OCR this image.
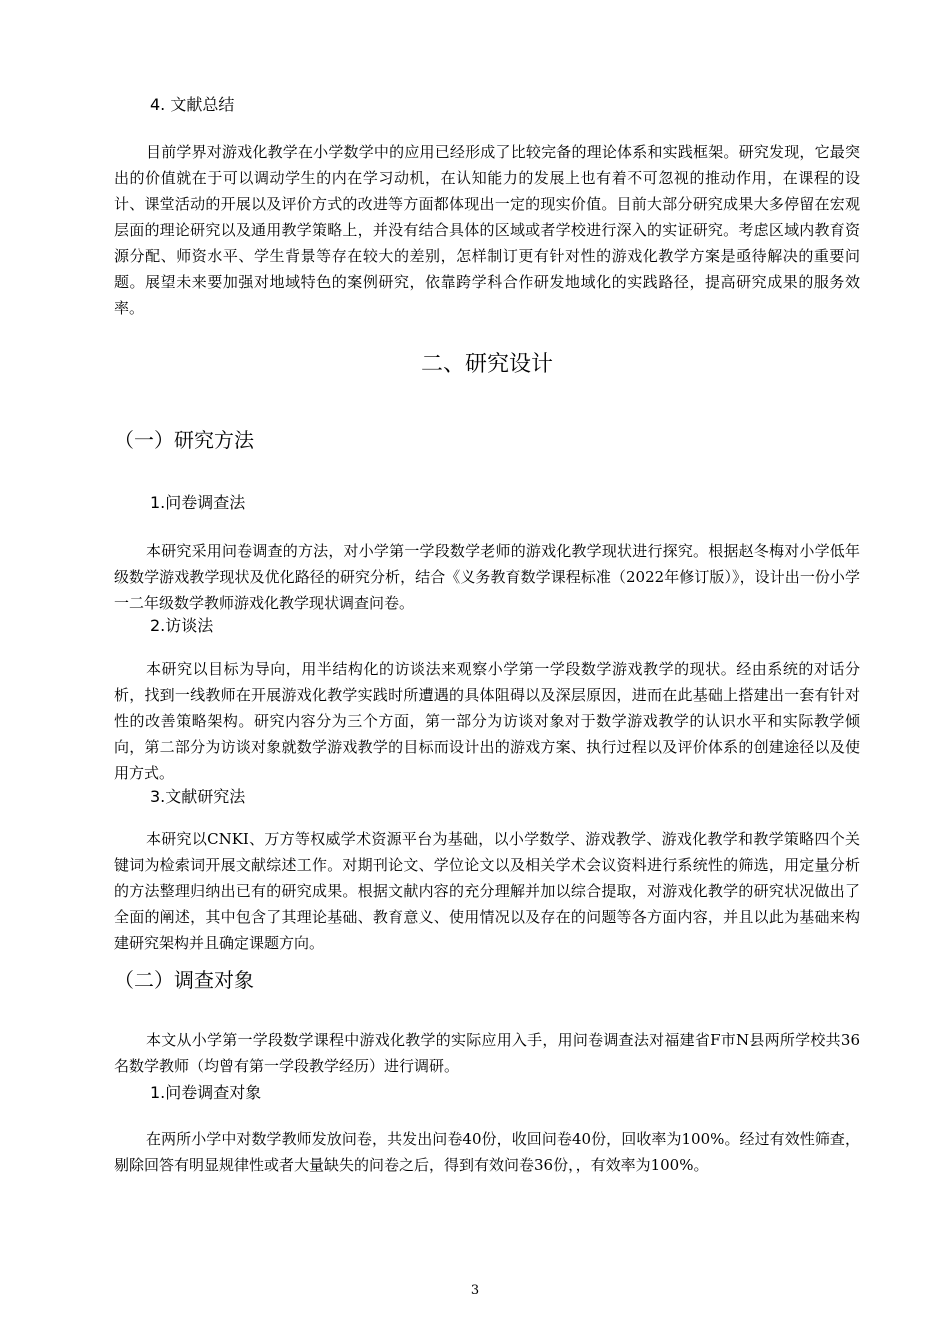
4. 文献总结

目前学界对游戏化教学在小学数学中的应用已经形成了比较完备的理论体系和实践框架。研究发现，它最突出的价值就在于可以调动学生的内在学习动机，在认知能力的发展上也有着不可忽视的推动作用，在课程的设计、课堂活动的开展以及评价方式的改进等方面都体现出一定的现实价值。目前大部分研究成果大多停留在宏观层面的理论研究以及通用教学策略上，并没有结合具体的区域或者学校进行深入的实证研究。考虑区域内教育资源分配、师资水平、学生背景等存在较大的差别，怎样制订更有针对性的游戏化教学方案是亟待解决的重要问题。展望未来要加强对地域特色的案例研究，依靠跨学科合作研发地域化的实践路径，提高研究成果的服务效率。

二、研究设计
（一）研究方法
1.问卷调查法

本研究采用问卷调查的方法，对小学第一学段数学老师的游戏化教学现状进行探究。根据赵冬梅对小学低年级数学游戏教学现状及优化路径的研究分析，结合《义务教育数学课程标准（2022年修订版）》，设计出一份小学一二年级数学教师游戏化教学现状调查问卷。

2.访谈法

本研究以目标为导向，用半结构化的访谈法来观察小学第一学段数学游戏教学的现状。经由系统的对话分析，找到一线教师在开展游戏化教学实践时所遭遇的具体阻碍以及深层原因，进而在此基础上搭建出一套有针对性的改善策略架构。研究内容分为三个方面，第一部分为访谈对象对于数学游戏教学的认识水平和实际教学倾向，第二部分为访谈对象就数学游戏教学的目标而设计出的游戏方案、执行过程以及评价体系的创建途径以及使用方式。

3.文献研究法

本研究以CNKI、万方等权威学术资源平台为基础，以小学数学、游戏教学、游戏化教学和教学策略四个关键词为检索词开展文献综述工作。对期刊论文、学位论文以及相关学术会议资料进行系统性的筛选，用定量分析的方法整理归纳出已有的研究成果。根据文献内容的充分理解并加以综合提取，对游戏化教学的研究状况做出了全面的阐述，其中包含了其理论基础、教育意义、使用情况以及存在的问题等各方面内容，并且以此为基础来构建研究架构并且确定课题方向。

（二）调查对象

本文从小学第一学段数学课程中游戏化教学的实际应用入手，用问卷调查法对福建省F市N县两所学校共36名数学教师（均曾有第一学段教学经历）进行调研。

1.问卷调查对象

在两所小学中对数学教师发放问卷，共发出问卷40份，收回问卷40份，回收率为100%。经过有效性筛查，剔除回答有明显规律性或者大量缺失的问卷之后，得到有效问卷36份，，有效率为100%。

3
